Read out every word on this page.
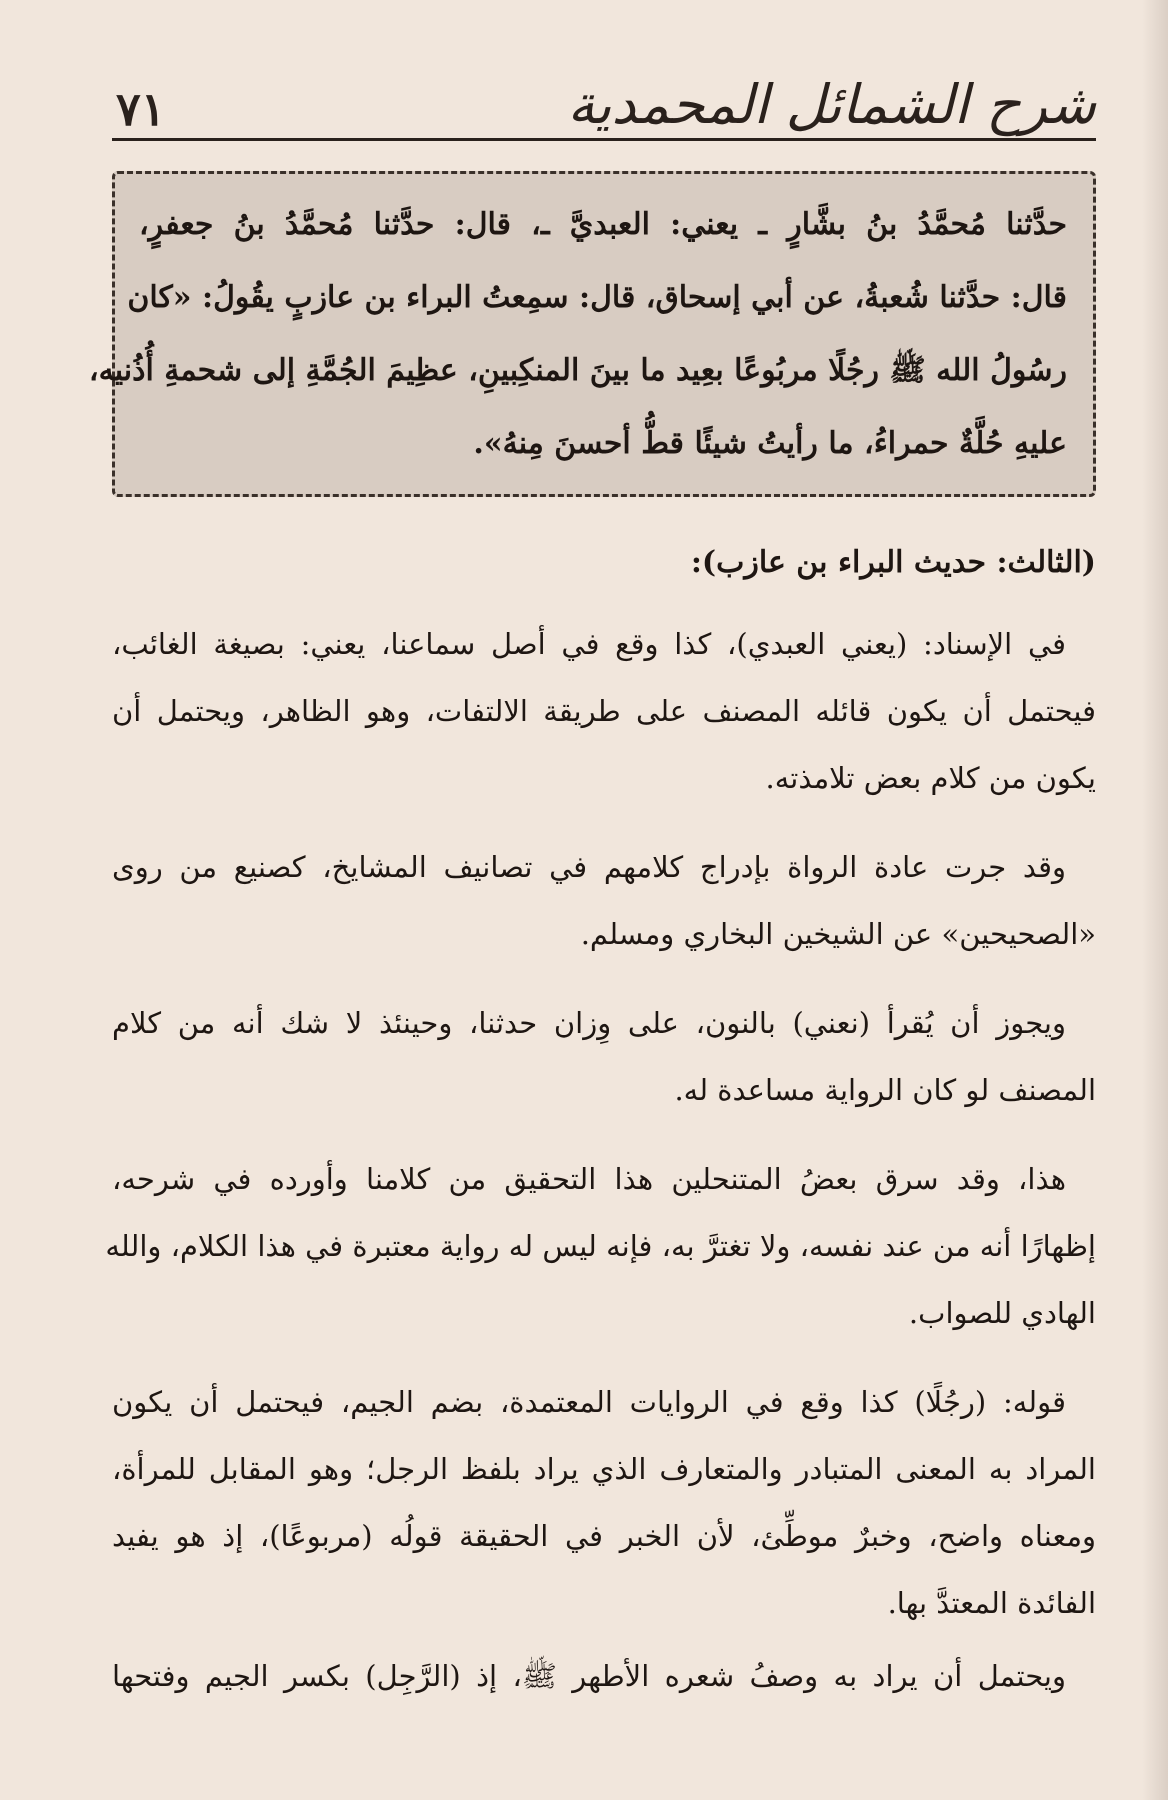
شرح الشمائل المحمدية
٧١
حدَّثنا مُحمَّدُ بنُ بشَّارٍ ـ يعني: العبديَّ ـ، قال: حدَّثنا مُحمَّدُ بنُ جعفرٍ،
قال: حدَّثنا شُعبةُ، عن أبي إسحاق، قال: سمِعتُ البراء بن عازبٍ يقُولُ: «كان
رسُولُ الله ﷺ رجُلًا مربُوعًا بعِيد ما بينَ المنكِبينِ، عظِيمَ الجُمَّةِ إلى شحمةِ أُذُنيه،
عليهِ حُلَّةٌ حمراءُ، ما رأيتُ شيئًا قطُّ أحسنَ مِنهُ».
(الثالث: حديث البراء بن عازب):
في الإسناد: (يعني العبدي)، كذا وقع في أصل سماعنا، يعني: بصيغة الغائب،
فيحتمل أن يكون قائله المصنف على طريقة الالتفات، وهو الظاهر، ويحتمل أن
يكون من كلام بعض تلامذته.
وقد جرت عادة الرواة بإدراج كلامهم في تصانيف المشايخ، كصنيع من روى
«الصحيحين» عن الشيخين البخاري ومسلم.
ويجوز أن يُقرأ (نعني) بالنون، على وِزان حدثنا، وحينئذ لا شك أنه من كلام
المصنف لو كان الرواية مساعدة له.
هذا، وقد سرق بعضُ المتنحلين هذا التحقيق من كلامنا وأورده في شرحه،
إظهارًا أنه من عند نفسه، ولا تغترَّ به، فإنه ليس له رواية معتبرة في هذا الكلام، والله
الهادي للصواب.
قوله: (رجُلًا) كذا وقع في الروايات المعتمدة، بضم الجيم، فيحتمل أن يكون
المراد به المعنى المتبادر والمتعارف الذي يراد بلفظ الرجل؛ وهو المقابل للمرأة،
ومعناه واضح، وخبرٌ موطِّئ، لأن الخبر في الحقيقة قولُه (مربوعًا)، إذ هو يفيد
الفائدة المعتدَّ بها.
ويحتمل أن يراد به وصفُ شعره الأطهر ﷺ، إذ (الرَّجِل) بكسر الجيم وفتحها
